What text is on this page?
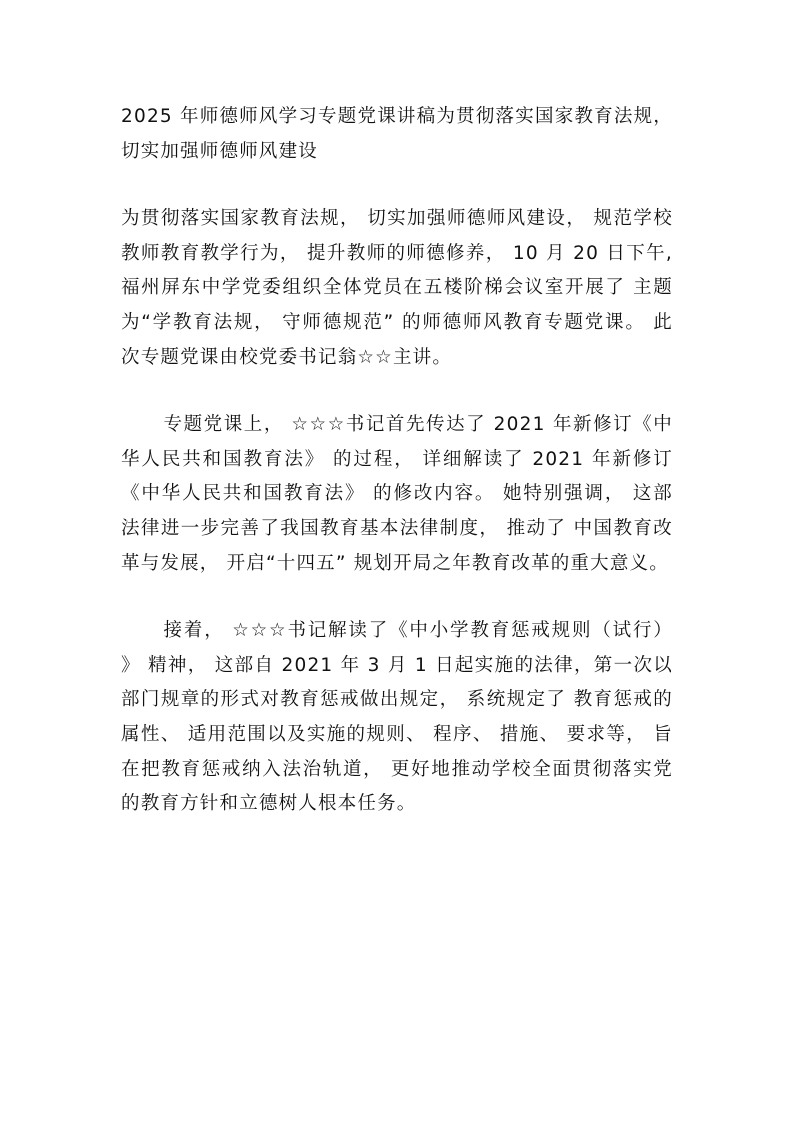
2025 年师德师风学习专题党课讲稿为贯彻落实国家教育法规， 切实加强师德师风建设

为贯彻落实国家教育法规， 切实加强师德师风建设， 规范学校教师教育教学行为， 提升教师的师德修养， 10 月 20 日下午,福州屏东中学党委组织全体党员在五楼阶梯会议室开展了 主题为“学教育法规， 守师德规范” 的师德师风教育专题党课。 此次专题党课由校党委书记翁☆☆主讲。

专题党课上， ☆☆☆书记首先传达了 2021 年新修订《中华人民共和国教育法》 的过程， 详细解读了 2021 年新修订《中华人民共和国教育法》 的修改内容。 她特别强调， 这部法律进一步完善了我国教育基本法律制度， 推动了 中国教育改革与发展， 开启“十四五” 规划开局之年教育改革的重大意义。

接着， ☆☆☆书记解读了《中小学教育惩戒规则（试行） 》 精神， 这部自 2021 年 3 月 1 日起实施的法律，第一次以部门规章的形式对教育惩戒做出规定， 系统规定了 教育惩戒的属性、 适用范围以及实施的规则、 程序、 措施、 要求等， 旨在把教育惩戒纳入法治轨道， 更好地推动学校全面贯彻落实党的教育方针和立德树人根本任务。
